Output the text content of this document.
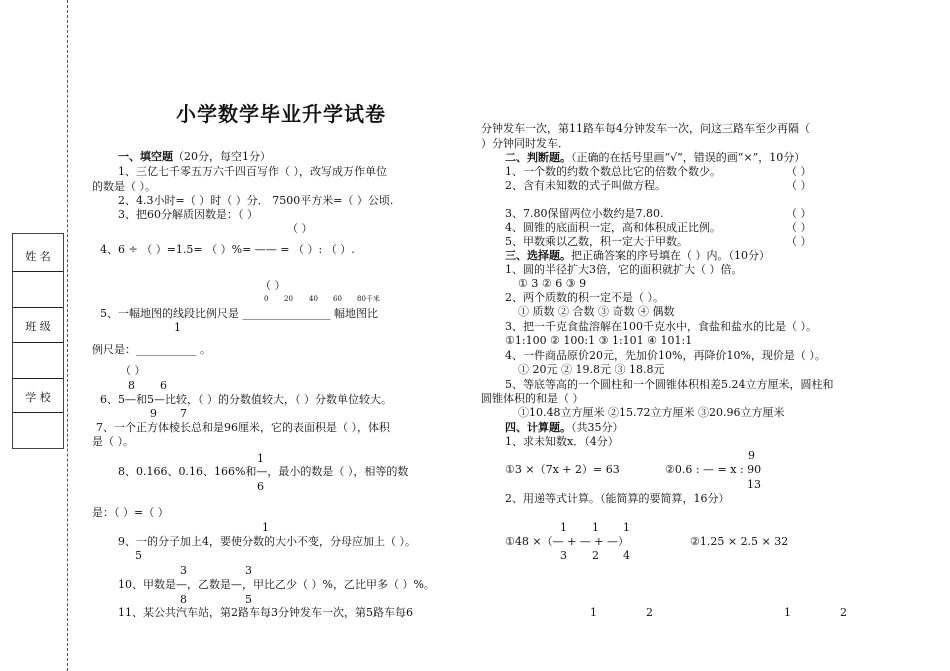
姓 名
班 级
学 校
小学数学毕业升学试卷
一、填空题（20分，每空1分）
1、三亿七千零五万六千四百写作（ ），改写成万作单位
的数是（ ）。
2、4.3小时=（ ）时（ ）分． 7500平方米=（ ）公顷.
3、把60分解质因数是：（ ）
（ ）
4、6 ÷ （ ）=1.5= （ ）%= —— = （ ）: （ ）.
（ ）
0 20 40 60 80千米
5、一幅地图的线段比例尺是 ________________ 幅地图比
1
例尺是：___________ 。
（ ）
8 6
6、5—和5—比较，（ ）的分数值较大，（ ）分数单位较大。
9 7
7、一个正方体棱长总和是96厘米，它的表面积是（ ），体积
是（ ）。
1
8、0.166、0.16、166%和—，最小的数是（ ），相等的数
6
是：（ ）=（ ）
1
9、一的分子加上4，要使分数的大小不变，分母应加上（ ）。
5
3	3
10、甲数是—，乙数是—，甲比乙少（ ）%，乙比甲多（ ）%。
8	5
11、某公共汽车站，第2路车每3分钟发车一次，第5路车每6
分钟发车一次，第11路车每4分钟发车一次，问这三路车至少再隔（
）分钟同时发车．
二、判断题。（正确的在括号里画“√”，错误的画“×”，10分）
1、一个数的约数个数总比它的倍数个数少。	（ ）
2、含有未知数的式子叫做方程。	（ ）
3、7.80保留两位小数约是7.80.	（ ）
4、圆锥的底面积一定，高和体积成正比例。	（ ）
5、甲数乘以乙数，积一定大于甲数。	（ ）
三、选择题。把正确答案的序号填在（ ）内。（10分）
1、圆的半径扩大3倍，它的面积就扩大（ ）倍。
① 3 ② 6 ③ 9
2、两个质数的积一定不是（ ）。
① 质数 ② 合数 ③ 奇数 ④ 偶数
3、把一千克食盐溶解在100千克水中，食盐和盐水的比是（ ）。
①1:100 ② 100:1 ③ 1:101 ④ 101:1
4、一件商品原价20元，先加价10%，再降价10%，现价是（ ）。
① 20元 ② 19.8元 ③ 18.8元
5、等底等高的一个圆柱和一个圆锥体积相差5.24立方厘米，圆柱和
圆锥体积的和是（ ）
①10.48立方厘米 ②15.72立方厘米 ③20.96立方厘米
四、计算题。（共35分）
1、求未知数x．（4分）
9
①3 ×（7x + 2）= 63	②0.6 : — = x : 90
13
2、用递等式计算。（能简算的要简算，16分）
1 1 1
①48 ×（— + — + —）	②1.25 × 2.5 × 32
3 2 4
1	2	1	2
